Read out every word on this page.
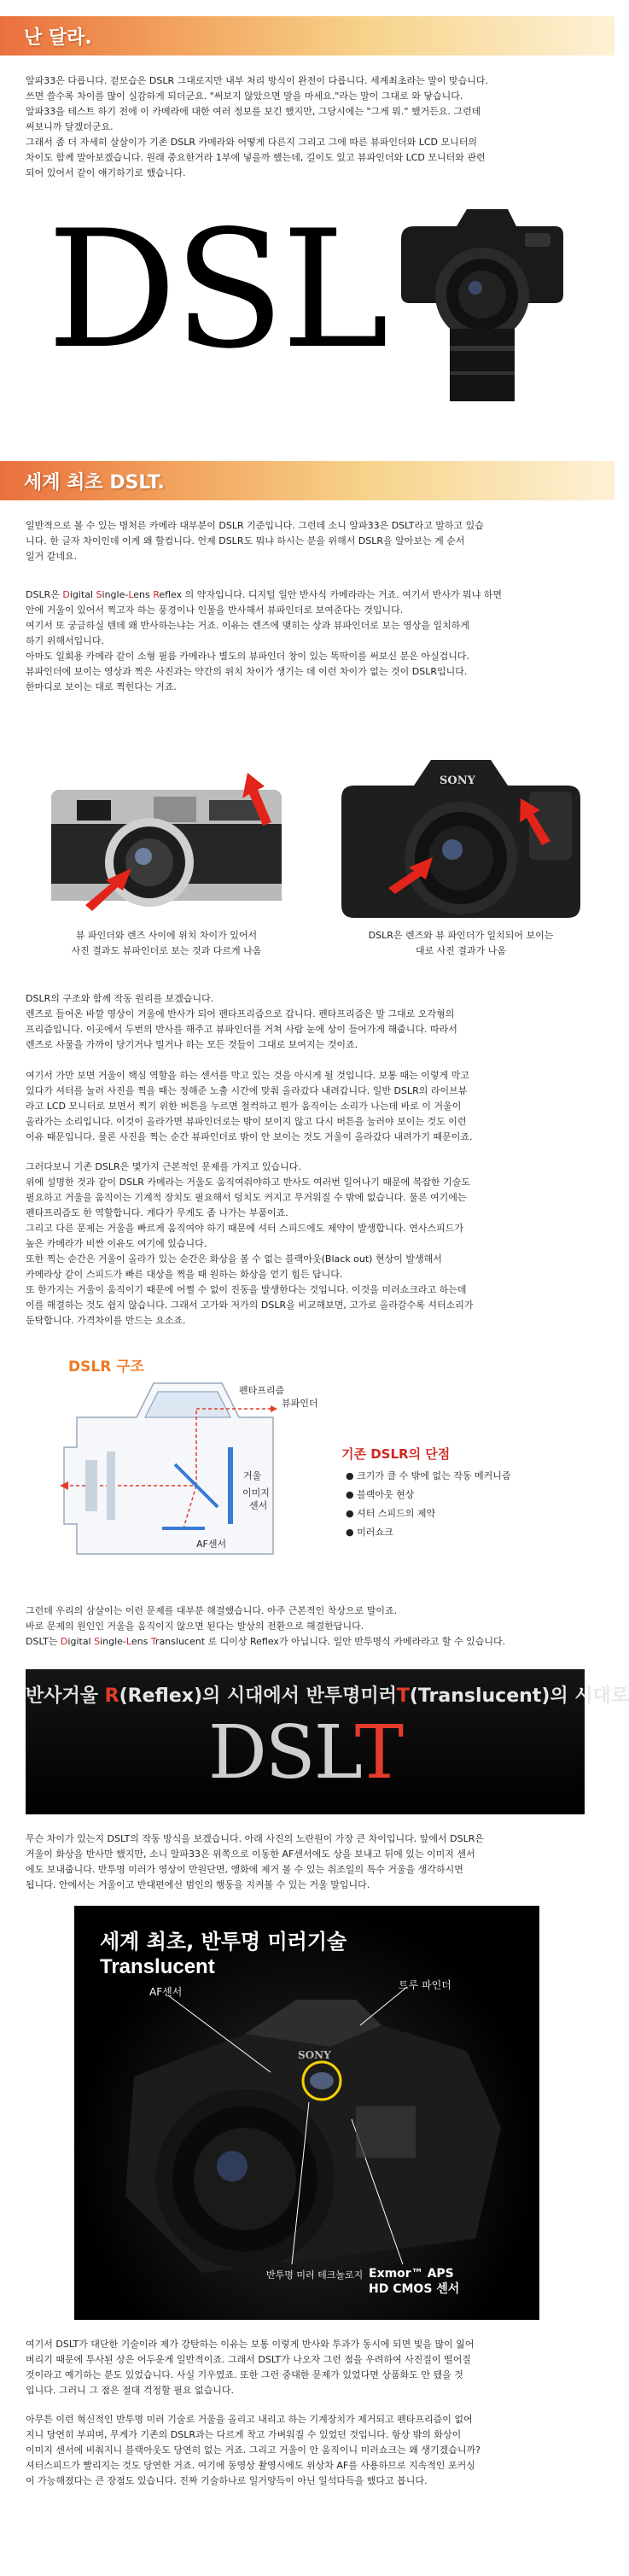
난 달라.
알파33은 다릅니다. 겉모습은 DSLR 그대로지만 내부 처리 방식이 완전이 다릅니다. 세계최초라는 말이 맞습니다.
쓰면 쓸수록 차이를 많이 실감하게 되더군요. "써보지 않았으면 말을 마세요."라는 말이 그대로 와 닿습니다.
알파33을 테스트 하기 전에 이 카메라에 대한 여러 정보를 보긴 했지만, 그당시에는 "그게 뭐." 했거든요. 그런데
써보니까 달겠더군요.
그래서 좀 더 자세히 살살이가 기존 DSLR 카메라와 어떻게 다른지 그리고 그에 따른 뷰파인더와 LCD 모니터의
차이도 함께 말아보겠습니다. 원래 중요한거라 1부에 넣을까 했는데, 길이도 있고 뷰파인더와 LCD 모니터와 관련
되어 있어서 같이 얘기하기로 했습니다.
DSL
세계 최초 DSLT.
일반적으로 볼 수 있는 명처른 카메라 대부분이 DSLR 기준입니다. 그런데 소니 알파33은 DSLT라고 말하고 있습
니다. 한 글자 차이인데 이게 왜 할컴니다. 언제 DSLR도 뭐냐 하시는 분을 위해서 DSLR을 알아보는 게 순서
일거 같네요.
DSLR은 Digital Single-Lens Reflex 의 약자입니다. 디지털 일안 반사식 카메라라는 거죠. 여기서 반사가 뭐냐 하면
안에 거울이 있어서 찍고자 하는 풍경이나 인물을 반사해서 뷰파인더로 보여준다는 것입니다.
여기서 또 궁금하실 텐데 왜 반사하는냐는 거죠. 이유는 렌즈에 맺히는 상과 뷰파인더로 보는 영상을 일치하게
하기 위해서입니다.
아마도 일회용 카메라 같이 소형 필름 카메라나 별도의 뷰파인더 창이 있는 똑딱이를 써보신 분은 아실겁니다.
뷰파인더에 보이는 영상과 찍은 사진과는 약간의 위치 차이가 생기는 데 이런 차이가 없는 것이 DSLR입니다.
한마디로 보이는 대로 찍힌다는 거죠.
뷰 파인더와 렌즈 사이에 위치 차이가 있어서
사진 결과도 뷰파인더로 보는 것과 다르게 나옴
SONY
DSLR은 렌즈와 뷰 파인더가 일치되어 보이는
대로 사진 결과가 나옴
DSLR의 구조와 함께 작동 원리를 보겠습니다.
렌즈로 들어온 바깥 영상이 거울에 반사가 되어 펜타프리즘으로 갑니다. 펜타프리즘은 말 그대로 오각형의
프리즘입니다. 이곳에서 두번의 반사를 해주고 뷰파인더를 거쳐 사람 눈에 상이 들어가게 해줍니다. 따라서
렌즈로 사물을 가까이 당기거나 밀거나 하는 모든 것들이 그대로 보여지는 것이죠.
여기서 가만 보면 거울이 핵심 역할을 하는 센서를 막고 있는 것을 아시게 될 것입니다. 보통 때는 이렇게 막고
있다가 셔터를 눌러 사진을 찍을 때는 정해준 노출 시간에 맞춰 올라갔다 내려갑니다. 일반 DSLR의 라이브뷰
라고 LCD 모니터로 보면서 찍기 위한 버튼을 누르면 철컥하고 뭔가 움직이는 소리가 나는데 바로 이 거울이
올라가는 소리입니다. 이것이 올라가면 뷰파인더로는 밖이 보이지 않고 다시 버튼을 눌러야 보이는 것도 이런
이유 때문입니다. 물론 사진을 찍는 순간 뷰파인더로 밖이 안 보이는 것도 거울이 올라갔다 내려가기 때문이죠.
그러다보니 기존 DSLR은 몇가지 근본적인 문제를 가지고 있습니다.
위에 설명한 것과 같이 DSLR 카메라는 거울도 움직여줘야하고 반사도 여러번 일어나기 때문에 복잡한 기술도
필요하고 거울을 움직이는 기계적 장치도 필요해서 덩치도 커지고 무거워질 수 밖에 없습니다. 물론 여기에는
펜타프리즘도 한 역할합니다. 게다가 무게도 좀 나가는 부품이죠.
그리고 다른 문제는 거울을 빠르게 움직여야 하기 때문에 셔터 스피드에도 제약이 발생합니다. 연사스피드가
높은 카메라가 비싼 이유도 여기에 있습니다.
또한 찍는 순간은 거울이 올라가 있는 순간은 화상을 볼 수 없는 블랙아웃(Black out) 현상이 발생해서
카메라상 같이 스피드가 빠른 대상을 찍을 때 원하는 화상을 얻기 힘든 답니다.
또 한가지는 거울이 움직이기 때문에 어쩔 수 없이 진동을 발생한다는 것입니다. 이것을 미러쇼크라고 하는데
이를 해결하는 것도 쉽지 않습니다. 그래서 고가와 저가의 DSLR을 비교해보면, 고가로 올라갈수록 셔터소리가
둔탁합니다. 가격차이를 만드는 요소죠.
DSLR 구조
펜타프리즘
뷰파인더
거울
이미지
센서
AF센서
기존 DSLR의 단점
● 크기가 클 수 밖에 없는 작동 메커니즘
● 블랙아웃 현상
● 셔터 스피드의 제약
● 미러쇼크
그런데 우리의 삼살이는 이런 문제를 대부분 해결했습니다. 아주 근본적인 착상으로 말이죠.
바로 문제의 원인인 거울을 움직이지 않으면 된다는 발상의 전환으로 해결한답니다.
DSLT는 Digital Single-Lens Translucent 로 디이상 Reflex가 아닙니다. 일안 반투명식 카메라라고 할 수 있습니다.
반사거울 R(Reflex)의 시대에서 반투명미러T(Translucent)의 시대로
DSLT
무슨 차이가 있는지 DSLT의 작동 방식을 보겠습니다. 아래 사진의 노란원이 가장 큰 차이입니다. 앞에서 DSLR은
거울이 화상을 반사만 했지만, 소니 알파33은 위쪽으로 이동한 AF센서에도 상을 보내고 뒤에 있는 이미지 센서
에도 보내줍니다. 반투명 미러가 영상이 만원단면, 앵화에 제거 볼 수 있는 취조일의 특수 거울을 생각하시면
됩니다. 안에서는 거울이고 반대편에선 범인의 행동을 지켜볼 수 있는 거울 말입니다.
세계 최초, 반투명 미러기술
Translucent
AF센서
트루 파인더
SONY
반투명 미러 테크놀로지 Exmor™ APS
HD CMOS 센서
여기서 DSLT가 대단한 기술이라 제가 강탄하는 이유는 보통 이렇게 반사와 투과가 동시에 되면 빛을 많이 잃어
버리기 때문에 투사된 상은 어두운게 일반적이죠. 그래서 DSLT가 나오자 그런 점을 우려하여 사진질이 떨어질
것이라고 예기하는 분도 있었습니다. 사실 기우였죠. 또한 그런 중대한 문제가 있었다면 상품화도 안 됐을 것
입니다. 그러니 그 점은 절대 걱정할 필요 없습니다.
아무튼 이런 혁신적인 반투명 미러 기술로 거울을 올리고 내리고 하는 기계장치가 제거되고 펜타프리즘이 없어
지니 당연히 부피며, 무게가 기존의 DSLR과는 다르게 착고 가벼워질 수 있었던 것입니다. 항상 밖의 화상이
이미지 센서에 비춰지니 블랙아웃도 당연히 없는 거죠. 그리고 거울이 안 움직이니 미러쇼크는 왜 생기겠습니까?
셔터스피드가 빨리지는 것도 당연한 거죠. 여기에 동영상 촬영시에도 위상차 AF를 사용하므로 지속적인 포커싱
이 가능해졌다는 큰 장점도 있습니다. 진짜 기술하나로 일거양득이 아닌 일석다득을 했다고 봅니다.
